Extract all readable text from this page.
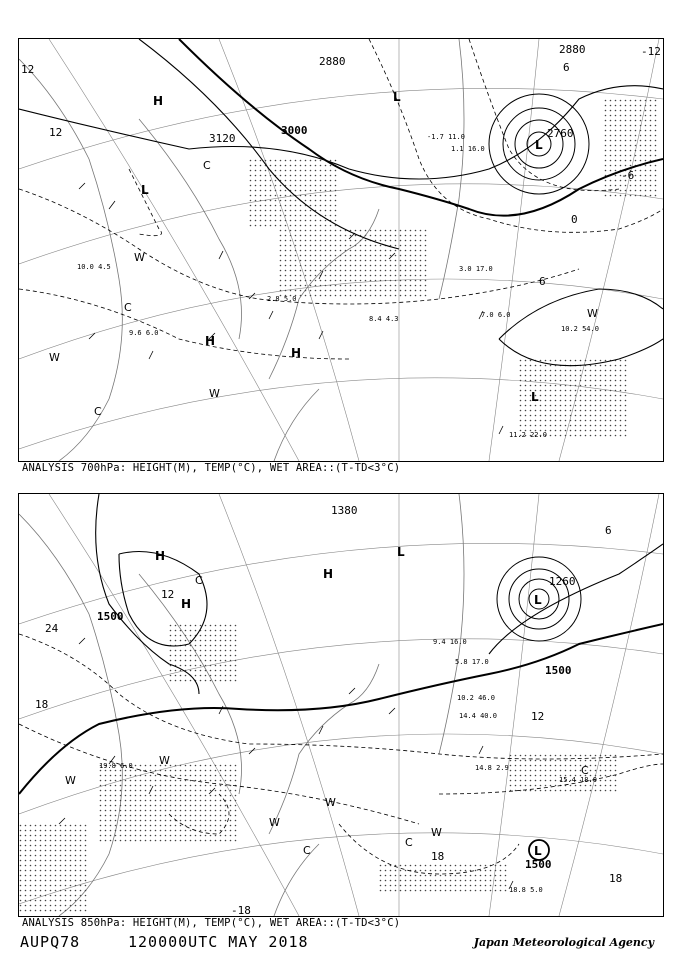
2880
2880
3000
3120	2760
12
12
-12
6
-6
0
6
H
H
H
L
L
L
L
C
C
C
W
W
W
W
1.1 16.0
-1.7 11.0
3.0 17.0
7.0 6.0
10.2 54.0
11.2 22.0
8.4 4.3
10.0 4.5
9.6 6.0
2.8 5.0
ANALYSIS 700hPa: HEIGHT(M), TEMP(°C), WET AREA::(T-TD<3°C)
1500
1500
1500
1380
1260
24
18
18
12
12
18
6
-18
H
H
H
L
L
L
C
C
C
C
W
W
W
W
W
14.4 40.0
14.8 2.9
15.4 18.0
18.8 5.0
19.8 6.0
10.2 46.0
5.8 17.0
9.4 16.0
ANALYSIS 850hPa: HEIGHT(M), TEMP(°C), WET AREA::(T-TD<3°C)
AUPQ78	120000UTC MAY 2018	Japan Meteorological Agency
